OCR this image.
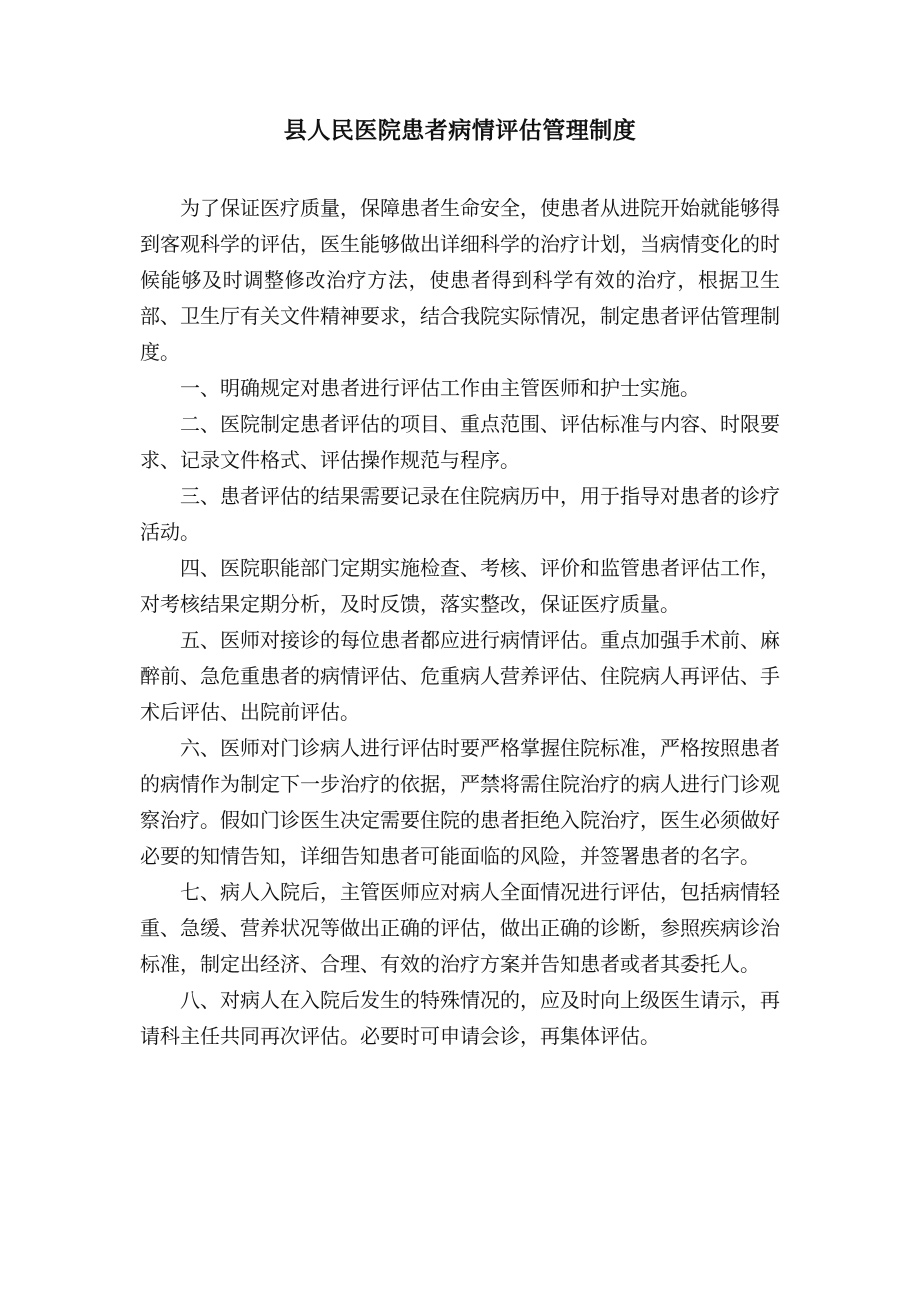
县人民医院患者病情评估管理制度

为了保证医疗质量，保障患者生命安全，使患者从进院开始就能够得到客观科学的评估，医生能够做出详细科学的治疗计划，当病情变化的时候能够及时调整修改治疗方法，使患者得到科学有效的治疗，根据卫生部、卫生厅有关文件精神要求，结合我院实际情况，制定患者评估管理制度。

一、明确规定对患者进行评估工作由主管医师和护士实施。

二、医院制定患者评估的项目、重点范围、评估标准与内容、时限要求、记录文件格式、评估操作规范与程序。

三、患者评估的结果需要记录在住院病历中，用于指导对患者的诊疗活动。

四、医院职能部门定期实施检查、考核、评价和监管患者评估工作，对考核结果定期分析，及时反馈，落实整改，保证医疗质量。

五、医师对接诊的每位患者都应进行病情评估。重点加强手术前、麻醉前、急危重患者的病情评估、危重病人营养评估、住院病人再评估、手术后评估、出院前评估。

六、医师对门诊病人进行评估时要严格掌握住院标准，严格按照患者的病情作为制定下一步治疗的依据，严禁将需住院治疗的病人进行门诊观察治疗。假如门诊医生决定需要住院的患者拒绝入院治疗，医生必须做好必要的知情告知，详细告知患者可能面临的风险，并签署患者的名字。

七、病人入院后，主管医师应对病人全面情况进行评估，包括病情轻重、急缓、营养状况等做出正确的评估，做出正确的诊断，参照疾病诊治标准，制定出经济、合理、有效的治疗方案并告知患者或者其委托人。

八、对病人在入院后发生的特殊情况的，应及时向上级医生请示，再请科主任共同再次评估。必要时可申请会诊，再集体评估。
